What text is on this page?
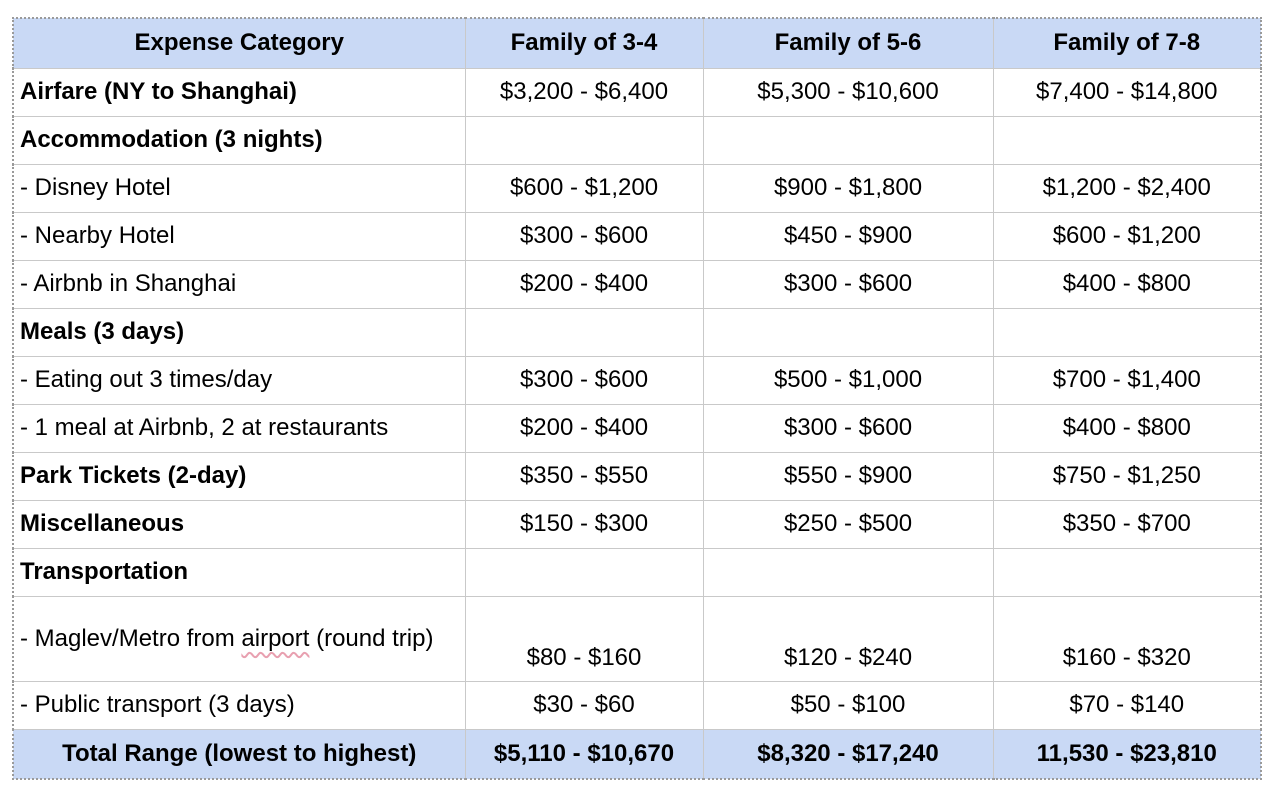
Expense Category	Family of 3-4	Family of 5-6	Family of 7-8
Airfare (NY to Shanghai)	$3,200 - $6,400	$5,300 - $10,600	$7,400 - $14,800
Accommodation (3 nights)			
- Disney Hotel	$600 - $1,200	$900 - $1,800	$1,200 - $2,400
- Nearby Hotel	$300 - $600	$450 - $900	$600 - $1,200
- Airbnb in Shanghai	$200 - $400	$300 - $600	$400 - $800
Meals (3 days)			
- Eating out 3 times/day	$300 - $600	$500 - $1,000	$700 - $1,400
- 1 meal at Airbnb, 2 at restaurants	$200 - $400	$300 - $600	$400 - $800
Park Tickets (2-day)	$350 - $550	$550 - $900	$750 - $1,250
Miscellaneous	$150 - $300	$250 - $500	$350 - $700
Transportation			
- Maglev/Metro from airport (round trip)	$80 - $160	$120 - $240	$160 - $320
- Public transport (3 days)	$30 - $60	$50 - $100	$70 - $140
Total Range (lowest to highest)	$5,110 - $10,670	$8,320 - $17,240	11,530 - $23,810
